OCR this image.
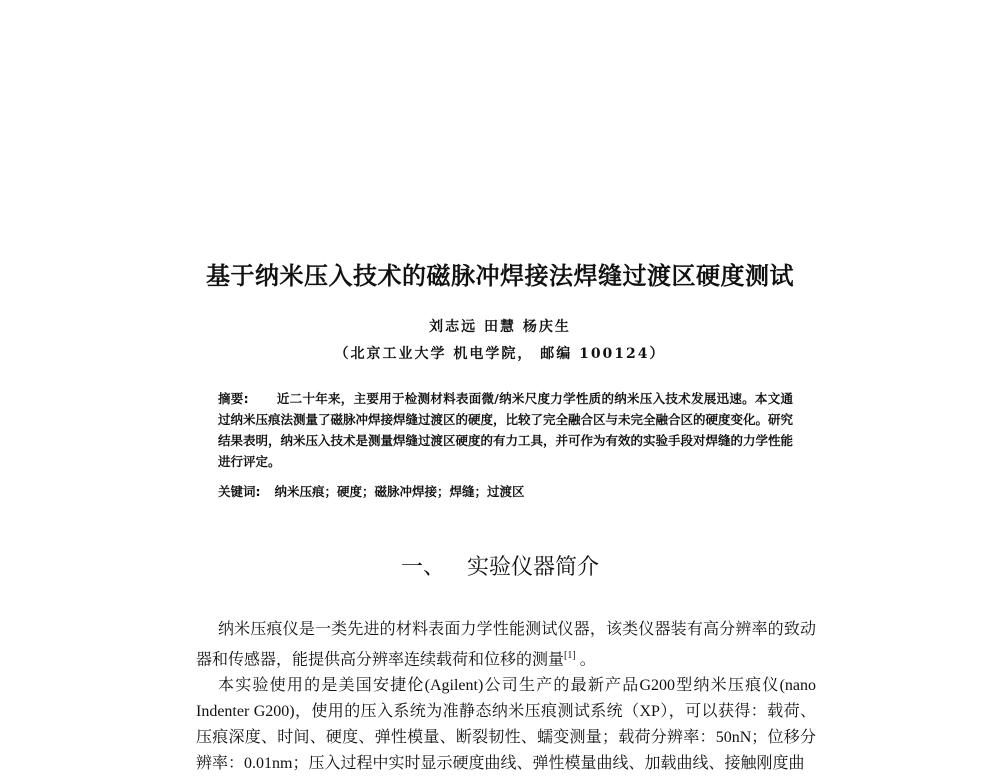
基于纳米压入技术的磁脉冲焊接法焊缝过渡区硬度测试
刘志远 田慧 杨庆生
（北京工业大学 机电学院， 邮编 100124）
摘要: 近二十年来，主要用于检测材料表面微/纳米尺度力学性质的纳米压入技术发展迅速。本文通过纳米压痕法测量了磁脉冲焊接焊缝过渡区的硬度，比较了完全融合区与未完全融合区的硬度变化。研究结果表明，纳米压入技术是测量焊缝过渡区硬度的有力工具，并可作为有效的实验手段对焊缝的力学性能进行评定。
关键词: 纳米压痕；硬度；磁脉冲焊接；焊缝；过渡区
一、 实验仪器简介

纳米压痕仪是一类先进的材料表面力学性能测试仪器，该类仪器装有高分辨率的致动器和传感器，能提供高分辨率连续载荷和位移的测量[1] 。

本实验使用的是美国安捷伦(Agilent)公司生产的最新产品G200型纳米压痕仪(nano Indenter G200)，使用的压入系统为准静态纳米压痕测试系统（XP），可以获得：载荷、压痕深度、时间、硬度、弹性模量、断裂韧性、蠕变测量；载荷分辨率：50nN；位移分辨率：0.01nm；压入过程中实时显示硬度曲线、弹性模量曲线、加载曲线、接触刚度曲
